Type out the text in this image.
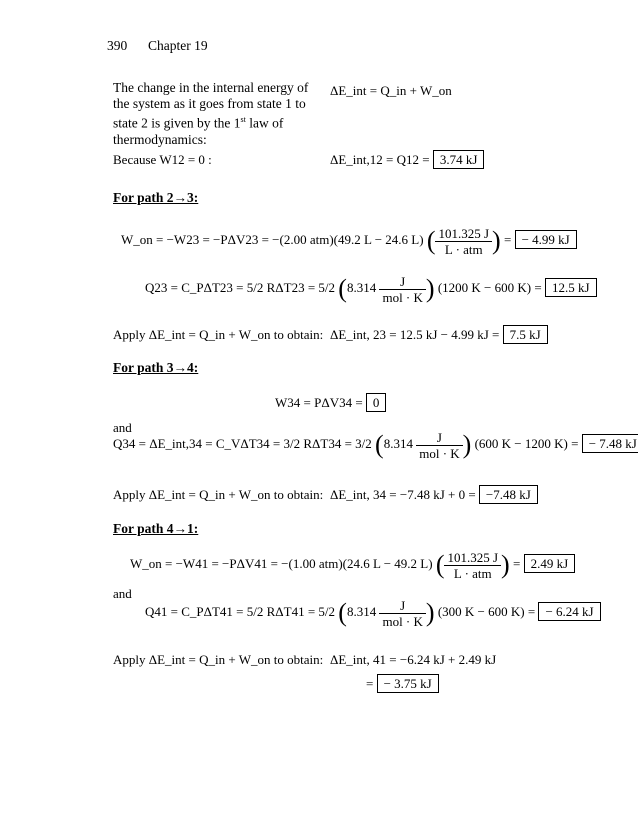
390 Chapter 19
The change in the internal energy of
the system as it goes from state 1 to
state 2 is given by the 1st law of
thermodynamics:
ΔE_int = Q_in + W_on
Because W12 = 0 :	ΔE_int,12 = Q12 = 3.74 kJ
For path 2→3:
W_on = −W23 = −PΔV23 = −(2.00 atm)(49.2 L − 24.6 L) ( $\frac{101.325 J}{\text{L · atm}}$ ) = − 4.99 kJ
Q23 = C_PΔT23 = 5/2 RΔT23 = 5/2 ($8.314 \frac{J}{\text{mol · K}}$ ) (1200 K − 600 K) = 12.5 kJ
Apply ΔE_int = Q_in + W_on to obtain: ΔE_int, 23 = 12.5 kJ − 4.99 kJ = 7.5 kJ
For path 3→4:
W34 = PΔV34 = 0
and
Q34 = ΔE_int,34 = C_VΔT34 = 3/2 RΔT34 = 3/2 ($8.314 \frac{J}{\text{mol · K}}$ ) (600 K − 1200 K) = − 7.48 kJ
Apply ΔE_int = Q_in + W_on to obtain: ΔE_int, 34 = −7.48 kJ + 0 = −7.48 kJ
For path 4→1:
W_on = −W41 = −PΔV41 = −(1.00 atm)(24.6 L − 49.2 L) ( $\frac{101.325 J}{\text{L · atm}}$ ) = 2.49 kJ
and
Q41 = C_PΔT41 = 5/2 RΔT41 = 5/2 ($8.314 \frac{J}{\text{mol · K}}$ ) (300 K − 600 K) = − 6.24 kJ
Apply ΔE_int = Q_in + W_on to obtain: ΔE_int, 41 = −6.24 kJ + 2.49 kJ
= − 3.75 kJ
